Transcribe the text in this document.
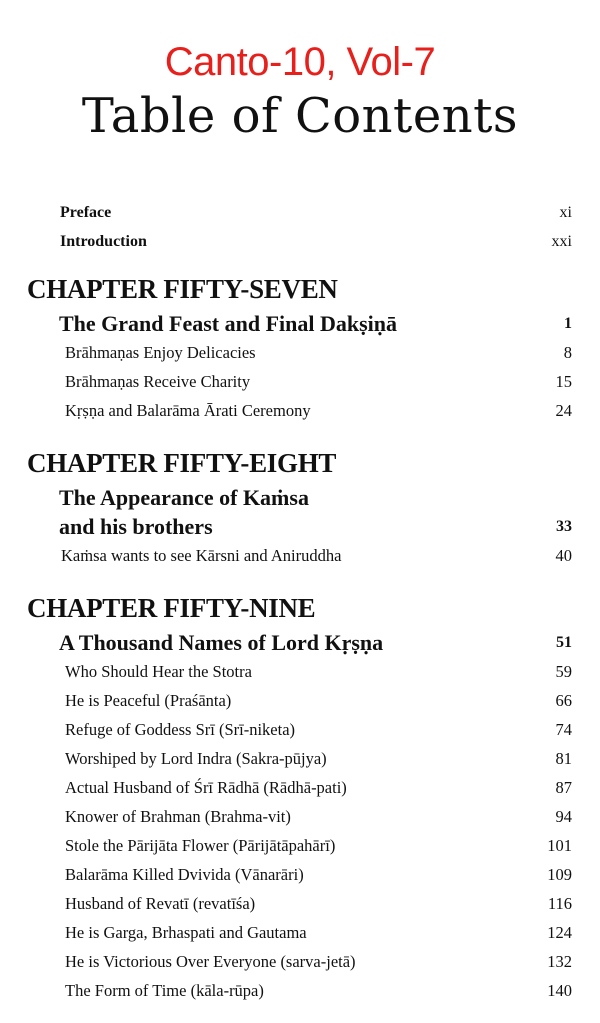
Canto-10, Vol-7
Table of Contents
Preface	xi
Introduction	xxi
CHAPTER FIFTY-SEVEN
The Grand Feast and Final Dakṣiṇā	1
Brāhmaṇas Enjoy Delicacies	8
Brāhmaṇas Receive Charity	15
Kṛṣṇa and Balarāma Ārati Ceremony	24
CHAPTER FIFTY-EIGHT
The Appearance of Kaṁsa
and his brothers	33
Kaṁsa wants to see Kārsni and Aniruddha	40
CHAPTER FIFTY-NINE
A Thousand Names of Lord Kṛṣṇa	51
Who Should Hear the Stotra	59
He is Peaceful (Praśānta)	66
Refuge of Goddess Srī (Srī-niketa)	74
Worshiped by Lord Indra (Sakra-pūjya)	81
Actual Husband of Śrī Rādhā (Rādhā-pati)	87
Knower of Brahman (Brahma-vit)	94
Stole the Pārijāta Flower (Pārijātāpahārī)	101
Balarāma Killed Dvivida (Vānarāri)	109
Husband of Revatī (revatīśa)	116
He is Garga, Brhaspati and Gautama	124
He is Victorious Over Everyone (sarva-jetā)	132
The Form of Time (kāla-rūpa)	140
